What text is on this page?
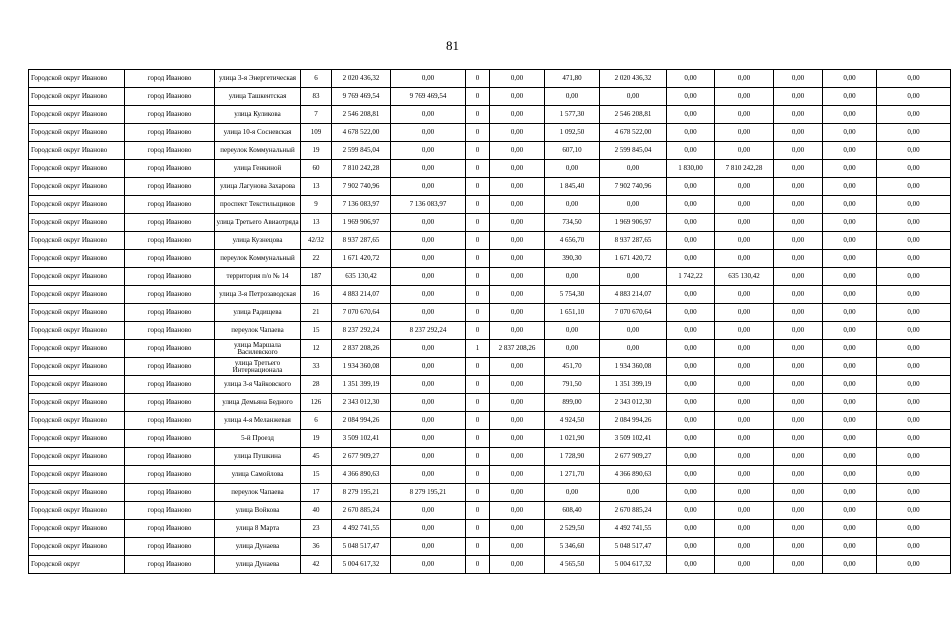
81
Городской округ Иваново	город Иваново	улица 3-я Энергетическая	6	2 020 436,32	0,00	0	0,00	471,80	2 020 436,32	0,00	0,00	0,00	0,00	0,00
Городской округ Иваново	город Иваново	улица Ташкентская	83	9 769 469,54	9 769 469,54	0	0,00	0,00	0,00	0,00	0,00	0,00	0,00	0,00
Городской округ Иваново	город Иваново	улица Куликова	7	2 546 208,81	0,00	0	0,00	1 577,30	2 546 208,81	0,00	0,00	0,00	0,00	0,00
Городской округ Иваново	город Иваново	улица 10-я Сосневская	109	4 678 522,00	0,00	0	0,00	1 092,50	4 678 522,00	0,00	0,00	0,00	0,00	0,00
Городской округ Иваново	город Иваново	переулок Коммунальный	19	2 599 845,04	0,00	0	0,00	607,10	2 599 845,04	0,00	0,00	0,00	0,00	0,00
Городской округ Иваново	город Иваново	улица Генкиной	60	7 810 242,28	0,00	0	0,00	0,00	0,00	1 830,00	7 810 242,28	0,00	0,00	0,00
Городской округ Иваново	город Иваново	улица Лагунова Захарова	13	7 902 740,96	0,00	0	0,00	1 845,40	7 902 740,96	0,00	0,00	0,00	0,00	0,00
Городской округ Иваново	город Иваново	проспект Текстильщиков	9	7 136 083,97	7 136 083,97	0	0,00	0,00	0,00	0,00	0,00	0,00	0,00	0,00
Городской округ Иваново	город Иваново	улица Третьего Авиаотряда	13	1 969 906,97	0,00	0	0,00	734,50	1 969 906,97	0,00	0,00	0,00	0,00	0,00
Городской округ Иваново	город Иваново	улица Кузнецова	42/32	8 937 287,65	0,00	0	0,00	4 656,70	8 937 287,65	0,00	0,00	0,00	0,00	0,00
Городской округ Иваново	город Иваново	переулок Коммунальный	22	1 671 420,72	0,00	0	0,00	390,30	1 671 420,72	0,00	0,00	0,00	0,00	0,00
Городской округ Иваново	город Иваново	территория п/о № 14	187	635 130,42	0,00	0	0,00	0,00	0,00	1 742,22	635 130,42	0,00	0,00	0,00
Городской округ Иваново	город Иваново	улица 3-я Петрозаводская	16	4 883 214,07	0,00	0	0,00	5 754,30	4 883 214,07	0,00	0,00	0,00	0,00	0,00
Городской округ Иваново	город Иваново	улица Радищева	21	7 070 670,64	0,00	0	0,00	1 651,10	7 070 670,64	0,00	0,00	0,00	0,00	0,00
Городской округ Иваново	город Иваново	переулок Чапаева	15	8 237 292,24	8 237 292,24	0	0,00	0,00	0,00	0,00	0,00	0,00	0,00	0,00
Городской округ Иваново	город Иваново	улица Маршала Василевского	12	2 837 208,26	0,00	1	2 837 208,26	0,00	0,00	0,00	0,00	0,00	0,00	0,00
Городской округ Иваново	город Иваново	улица Третьего Интернационала	33	1 934 360,08	0,00	0	0,00	451,70	1 934 360,08	0,00	0,00	0,00	0,00	0,00
Городской округ Иваново	город Иваново	улица 3-я Чайковского	28	1 351 399,19	0,00	0	0,00	791,50	1 351 399,19	0,00	0,00	0,00	0,00	0,00
Городской округ Иваново	город Иваново	улица Демьяна Бедного	126	2 343 012,30	0,00	0	0,00	899,00	2 343 012,30	0,00	0,00	0,00	0,00	0,00
Городской округ Иваново	город Иваново	улица 4-я Меланжевая	6	2 084 994,26	0,00	0	0,00	4 924,50	2 084 994,26	0,00	0,00	0,00	0,00	0,00
Городской округ Иваново	город Иваново	5-й Проезд	19	3 509 102,41	0,00	0	0,00	1 021,90	3 509 102,41	0,00	0,00	0,00	0,00	0,00
Городской округ Иваново	город Иваново	улица Пушкина	45	2 677 909,27	0,00	0	0,00	1 728,90	2 677 909,27	0,00	0,00	0,00	0,00	0,00
Городской округ Иваново	город Иваново	улица Самойлова	15	4 366 890,63	0,00	0	0,00	1 271,70	4 366 890,63	0,00	0,00	0,00	0,00	0,00
Городской округ Иваново	город Иваново	переулок Чапаева	17	8 279 195,21	8 279 195,21	0	0,00	0,00	0,00	0,00	0,00	0,00	0,00	0,00
Городской округ Иваново	город Иваново	улица Войкова	40	2 670 885,24	0,00	0	0,00	608,40	2 670 885,24	0,00	0,00	0,00	0,00	0,00
Городской округ Иваново	город Иваново	улица 8 Марта	23	4 492 741,55	0,00	0	0,00	2 529,50	4 492 741,55	0,00	0,00	0,00	0,00	0,00
Городской округ Иваново	город Иваново	улица Дунаева	36	5 048 517,47	0,00	0	0,00	5 346,60	5 048 517,47	0,00	0,00	0,00	0,00	0,00
Городской округ	город Иваново	улица Дунаева	42	5 004 617,32	0,00	0	0,00	4 565,50	5 004 617,32	0,00	0,00	0,00	0,00	0,00
